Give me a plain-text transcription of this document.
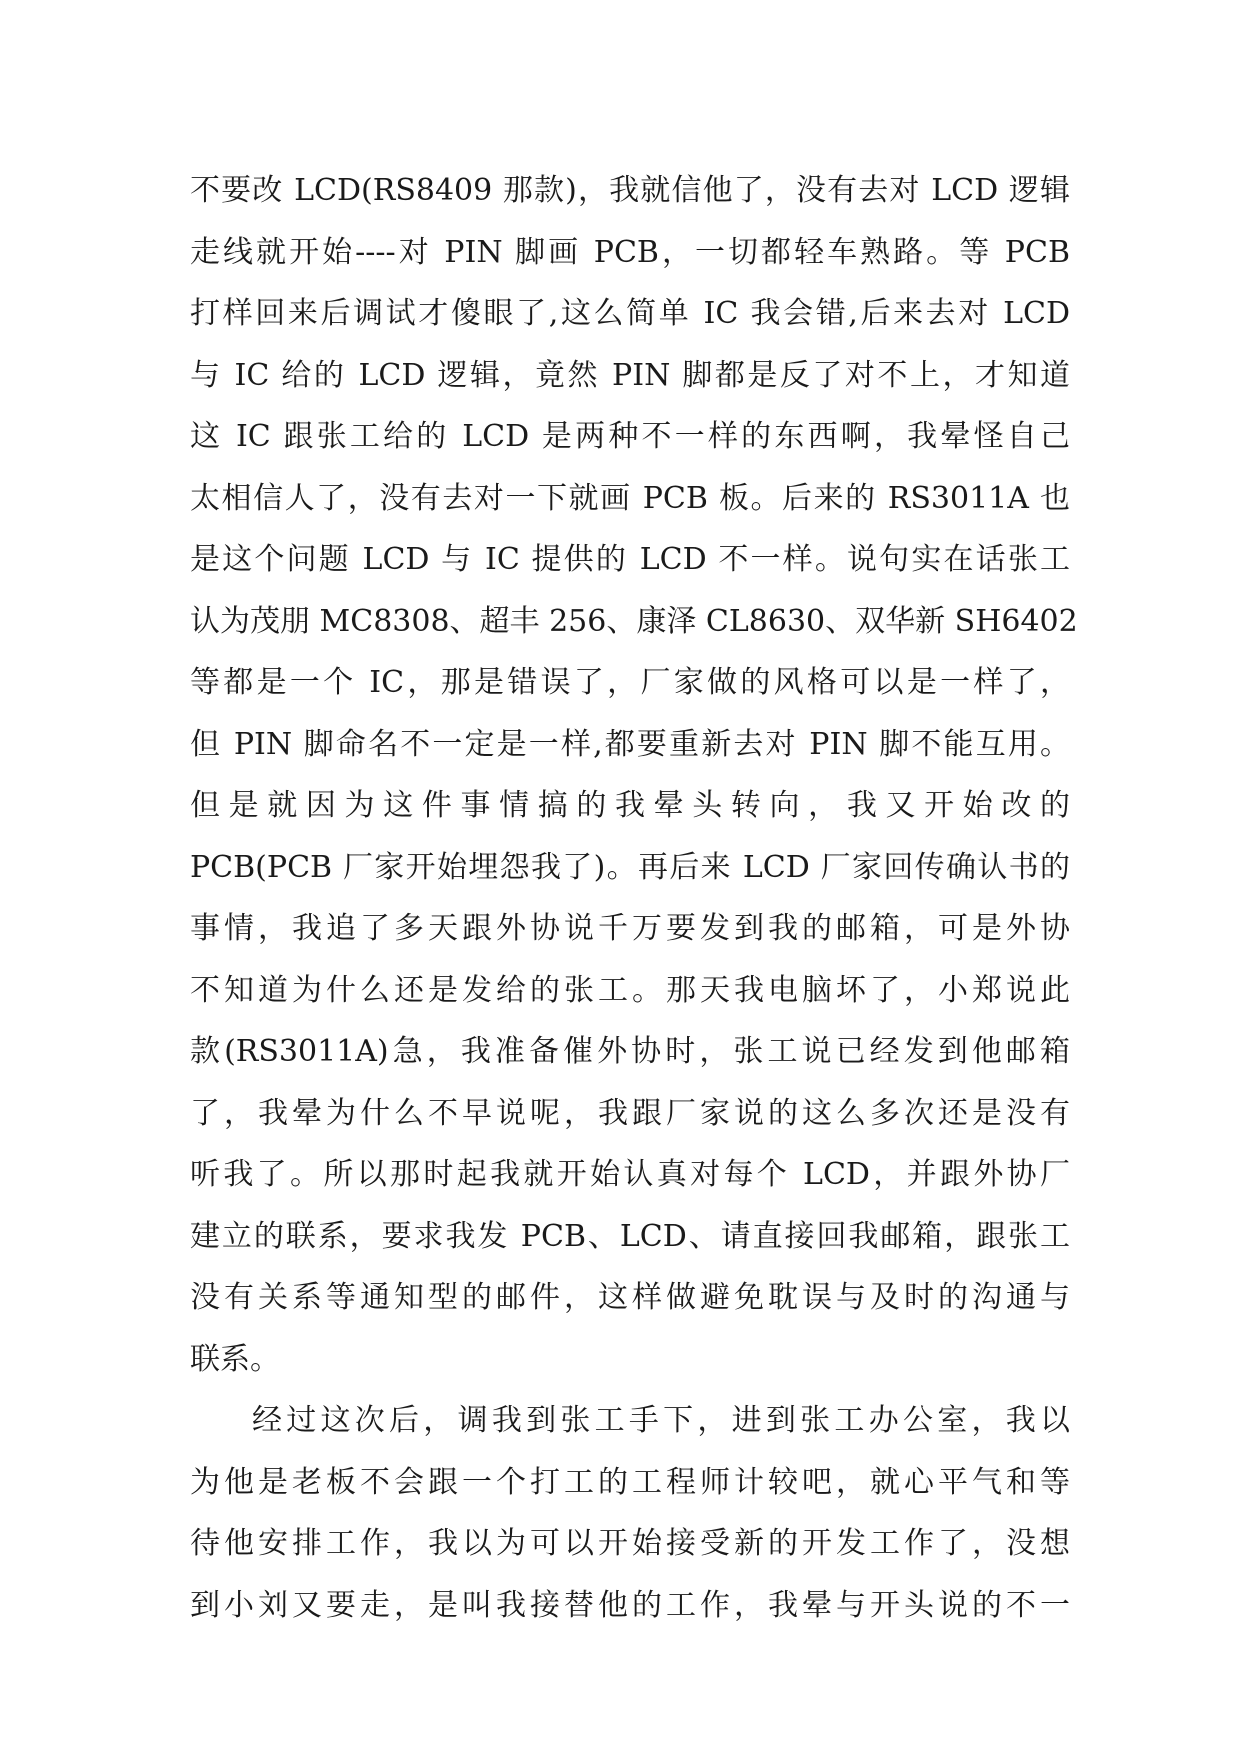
不要改 LCD(RS8409 那款)，我就信他了，没有去对 LCD 逻辑
走线就开始----对 PIN 脚画 PCB，一切都轻车熟路。等 PCB
打样回来后调试才傻眼了,这么简单 IC 我会错,后来去对 LCD
与 IC 给的 LCD 逻辑，竟然 PIN 脚都是反了对不上，才知道
这 IC 跟张工给的 LCD 是两种不一样的东西啊，我晕怪自己
太相信人了，没有去对一下就画 PCB 板。后来的 RS3011A 也
是这个问题 LCD 与 IC 提供的 LCD 不一样。说句实在话张工
认为茂朋 MC8308、超丰 256、康泽 CL8630、双华新 SH6402
等都是一个 IC，那是错误了，厂家做的风格可以是一样了，
但 PIN 脚命名不一定是一样,都要重新去对 PIN 脚不能互用。
但是就因为这件事情搞的我晕头转向，我又开始改的
PCB(PCB 厂家开始埋怨我了)。再后来 LCD 厂家回传确认书的
事情，我追了多天跟外协说千万要发到我的邮箱，可是外协
不知道为什么还是发给的张工。那天我电脑坏了，小郑说此
款(RS3011A)急，我准备催外协时，张工说已经发到他邮箱
了，我晕为什么不早说呢，我跟厂家说的这么多次还是没有
听我了。所以那时起我就开始认真对每个 LCD，并跟外协厂
建立的联系，要求我发 PCB、LCD、请直接回我邮箱，跟张工
没有关系等通知型的邮件，这样做避免耽误与及时的沟通与
联系。
经过这次后，调我到张工手下，进到张工办公室，我以
为他是老板不会跟一个打工的工程师计较吧，就心平气和等
待他安排工作，我以为可以开始接受新的开发工作了，没想
到小刘又要走，是叫我接替他的工作，我晕与开头说的不一
